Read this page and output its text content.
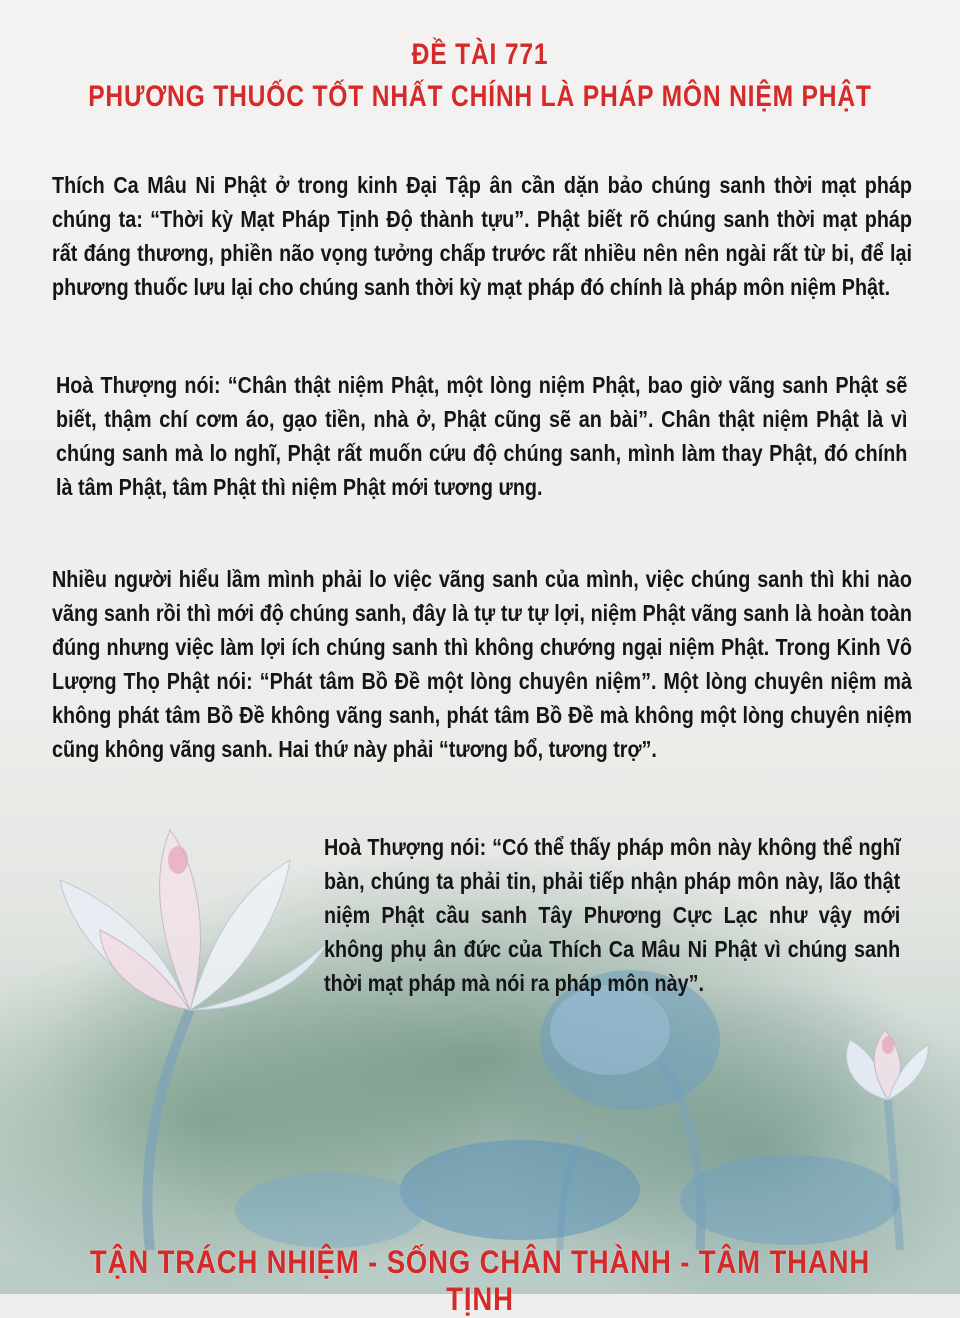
ĐỀ TÀI 771
PHƯƠNG THUỐC TỐT NHẤT CHÍNH LÀ PHÁP MÔN NIỆM PHẬT

Thích Ca Mâu Ni Phật ở trong kinh Đại Tập ân cần dặn bảo chúng sanh thời mạt pháp chúng ta: “Thời kỳ Mạt Pháp Tịnh Độ thành tựu”. Phật biết rõ chúng sanh thời mạt pháp rất đáng thương, phiền não vọng tưởng chấp trước rất nhiều nên nên ngài rất từ bi, để lại phương thuốc lưu lại cho chúng sanh thời kỳ mạt pháp đó chính là pháp môn niệm Phật.

Hoà Thượng nói: “Chân thật niệm Phật, một lòng niệm Phật, bao giờ vãng sanh Phật sẽ biết, thậm chí cơm áo, gạo tiền, nhà ở, Phật cũng sẽ an bài”. Chân thật niệm Phật là vì chúng sanh mà lo nghĩ, Phật rất muốn cứu độ chúng sanh, mình làm thay Phật, đó chính là tâm Phật, tâm Phật thì niệm Phật mới tương ưng.

Nhiều người hiểu lầm mình phải lo việc vãng sanh của mình, việc chúng sanh thì khi nào vãng sanh rồi thì mới độ chúng sanh, đây là tự tư tự lợi, niệm Phật vãng sanh là hoàn toàn đúng nhưng việc làm lợi ích chúng sanh thì không chướng ngại niệm Phật. Trong Kinh Vô Lượng Thọ Phật nói: “Phát tâm Bồ Đề một lòng chuyên niệm”. Một lòng chuyên niệm mà không phát tâm Bồ Đề không vãng sanh, phát tâm Bồ Đề mà không một lòng chuyên niệm cũng không vãng sanh. Hai thứ này phải “tương bổ, tương trợ”.

Hoà Thượng nói: “Có thể thấy pháp môn này không thể nghĩ bàn, chúng ta phải tin, phải tiếp nhận pháp môn này, lão thật niệm Phật cầu sanh Tây Phương Cực Lạc như vậy mới không phụ ân đức của Thích Ca Mâu Ni Phật vì chúng sanh thời mạt pháp mà nói ra pháp môn này”.

TẬN TRÁCH NHIỆM - SỐNG CHÂN THÀNH - TÂM THANH TỊNH
